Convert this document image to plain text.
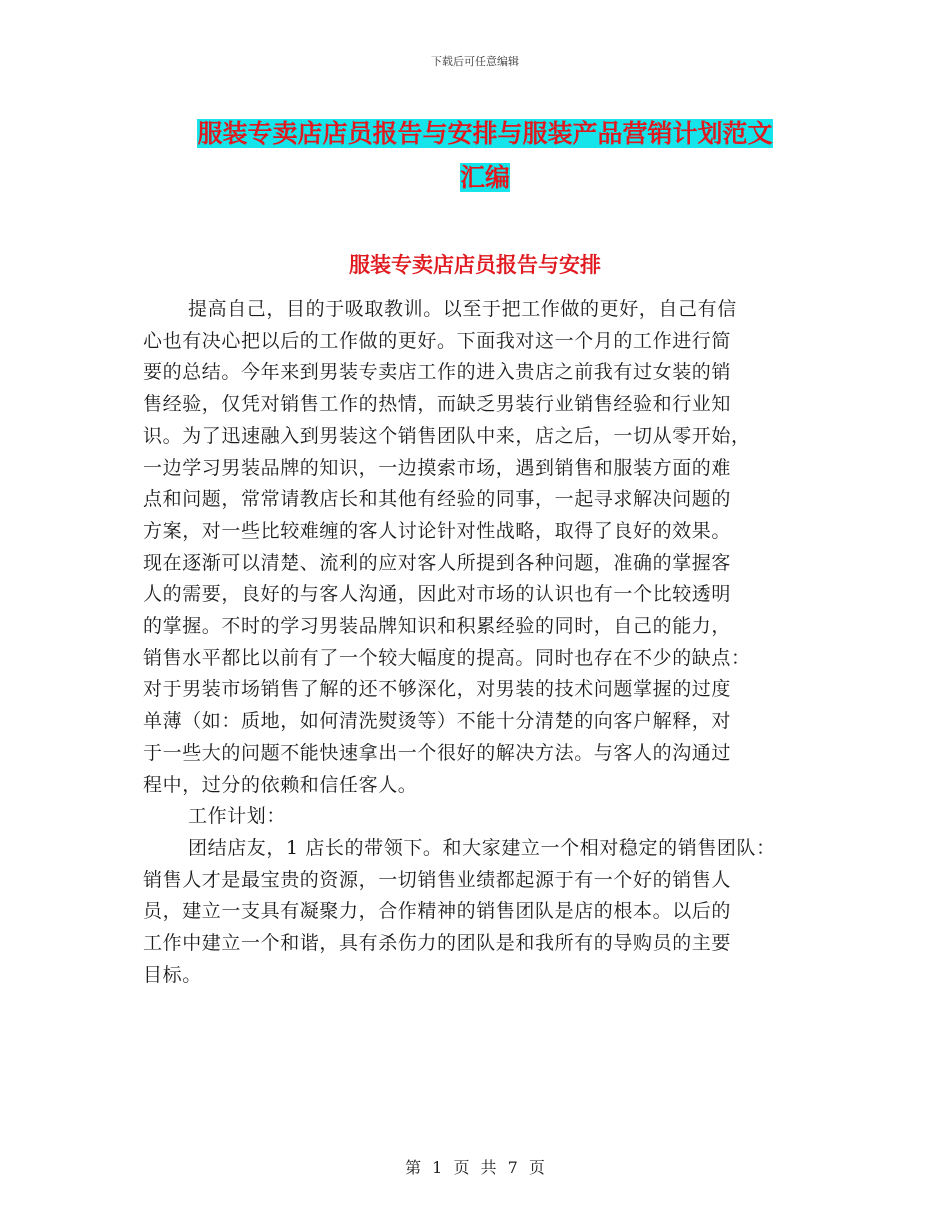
下载后可任意编辑
服装专卖店店员报告与安排与服装产品营销计划范文
汇编
服装专卖店店员报告与安排
提高自己，目的于吸取教训。以至于把工作做的更好，自己有信
心也有决心把以后的工作做的更好。下面我对这一个月的工作进行简
要的总结。今年来到男装专卖店工作的进入贵店之前我有过女装的销
售经验，仅凭对销售工作的热情，而缺乏男装行业销售经验和行业知
识。为了迅速融入到男装这个销售团队中来，店之后，一切从零开始，
一边学习男装品牌的知识，一边摸索市场，遇到销售和服装方面的难
点和问题，常常请教店长和其他有经验的同事，一起寻求解决问题的
方案，对一些比较难缠的客人讨论针对性战略，取得了良好的效果。
现在逐渐可以清楚、流利的应对客人所提到各种问题，准确的掌握客
人的需要，良好的与客人沟通，因此对市场的认识也有一个比较透明
的掌握。不时的学习男装品牌知识和积累经验的同时，自己的能力，
销售水平都比以前有了一个较大幅度的提高。同时也存在不少的缺点：
对于男装市场销售了解的还不够深化，对男装的技术问题掌握的过度
单薄（如：质地，如何清洗熨烫等）不能十分清楚的向客户解释，对
于一些大的问题不能快速拿出一个很好的解决方法。与客人的沟通过
程中，过分的依赖和信任客人。
工作计划：
团结店友，1 店长的带领下。和大家建立一个相对稳定的销售团队：
销售人才是最宝贵的资源，一切销售业绩都起源于有一个好的销售人
员，建立一支具有凝聚力，合作精神的销售团队是店的根本。以后的
工作中建立一个和谐，具有杀伤力的团队是和我所有的导购员的主要
目标。
第 1 页 共 7 页
